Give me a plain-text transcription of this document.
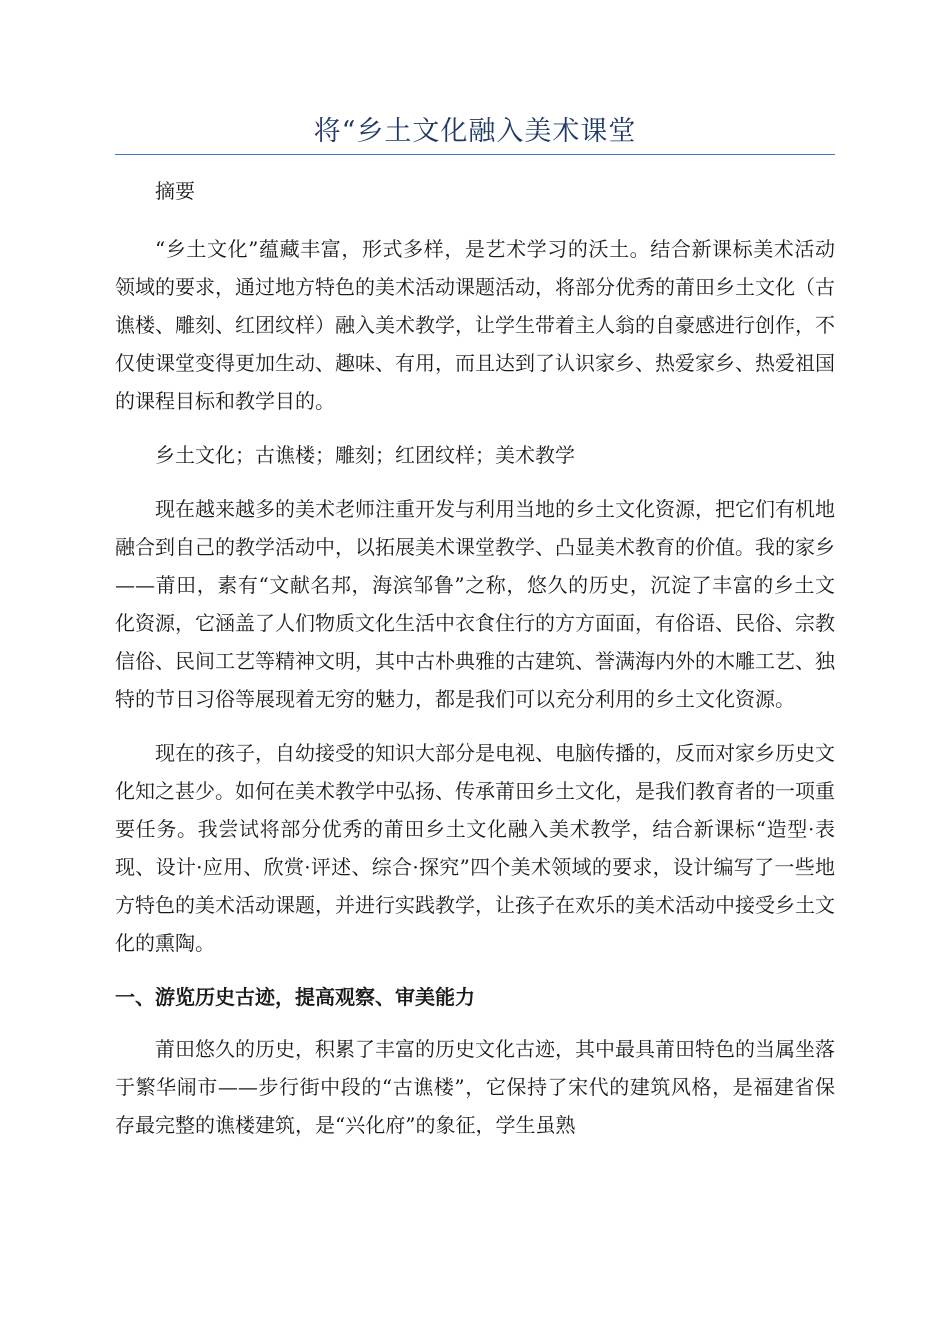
将“乡土文化融入美术课堂

摘要

“乡土文化”蕴藏丰富，形式多样，是艺术学习的沃土。结合新课标美术活动领域的要求，通过地方特色的美术活动课题活动，将部分优秀的莆田乡土文化（古谯楼、雕刻、红团纹样）融入美术教学，让学生带着主人翁的自豪感进行创作，不仅使课堂变得更加生动、趣味、有用，而且达到了认识家乡、热爱家乡、热爱祖国的课程目标和教学目的。

乡土文化；古谯楼；雕刻；红团纹样；美术教学

现在越来越多的美术老师注重开发与利用当地的乡土文化资源，把它们有机地融合到自己的教学活动中，以拓展美术课堂教学、凸显美术教育的价值。我的家乡——莆田，素有“文献名邦，海滨邹鲁”之称，悠久的历史，沉淀了丰富的乡土文化资源，它涵盖了人们物质文化生活中衣食住行的方方面面，有俗语、民俗、宗教信俗、民间工艺等精神文明，其中古朴典雅的古建筑、誉满海内外的木雕工艺、独特的节日习俗等展现着无穷的魅力，都是我们可以充分利用的乡土文化资源。

现在的孩子，自幼接受的知识大部分是电视、电脑传播的，反而对家乡历史文化知之甚少。如何在美术教学中弘扬、传承莆田乡土文化，是我们教育者的一项重要任务。我尝试将部分优秀的莆田乡土文化融入美术教学，结合新课标“造型·表现、设计·应用、欣赏·评述、综合·探究”四个美术领域的要求，设计编写了一些地方特色的美术活动课题，并进行实践教学，让孩子在欢乐的美术活动中接受乡土文化的熏陶。

一、游览历史古迹，提高观察、审美能力

莆田悠久的历史，积累了丰富的历史文化古迹，其中最具莆田特色的当属坐落于繁华闹市——步行街中段的“古谯楼”，它保持了宋代的建筑风格，是福建省保存最完整的谯楼建筑，是“兴化府”的象征，学生虽熟
